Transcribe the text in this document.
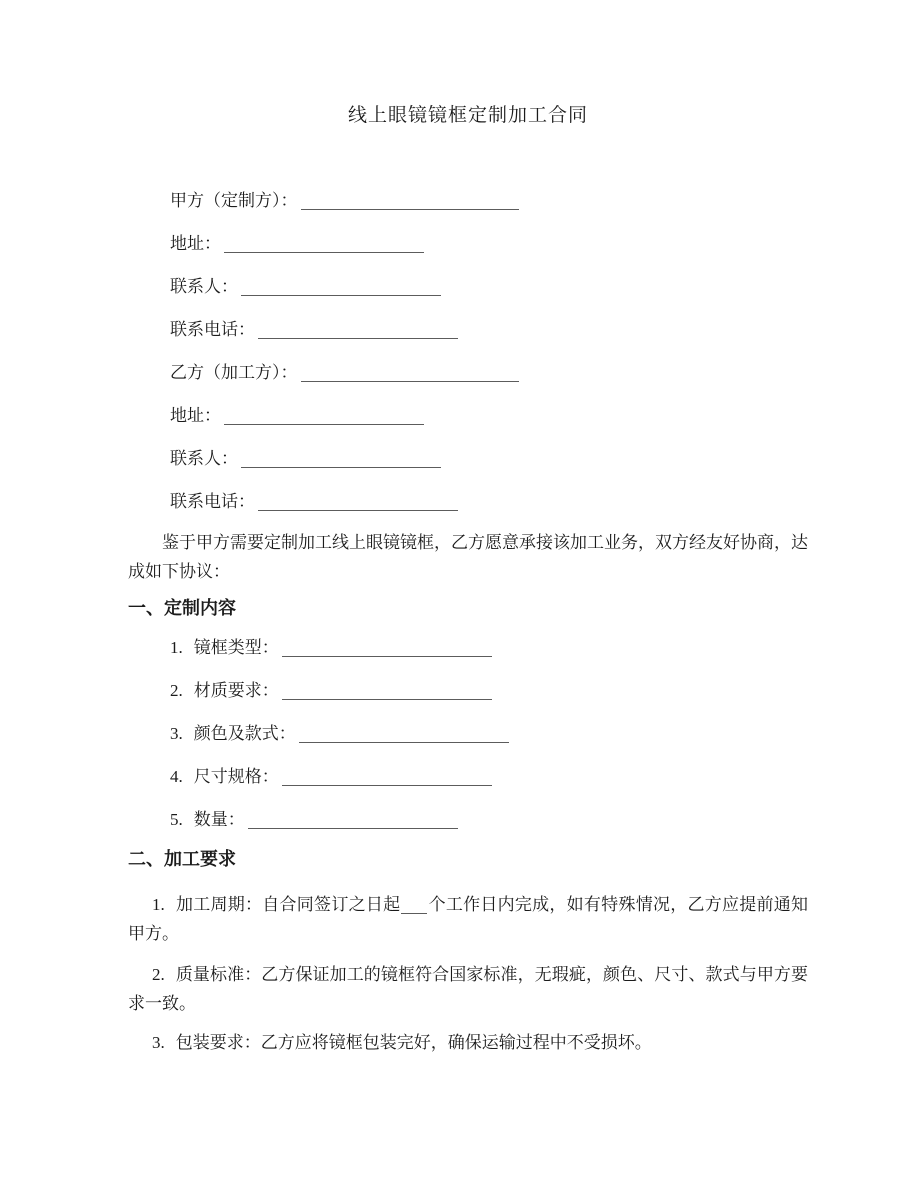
线上眼镜镜框定制加工合同
甲方（定制方）：
地址：
联系人：
联系电话：
乙方（加工方）：
地址：
联系人：
联系电话：

鉴于甲方需要定制加工线上眼镜镜框，乙方愿意承接该加工业务，双方经友好协商，达成如下协议：

一、定制内容
1. 镜框类型：
2. 材质要求：
3. 颜色及款式：
4. 尺寸规格：
5. 数量：
二、加工要求

1. 加工周期：自合同签订之日起 个工作日内完成，如有特殊情况，乙方应提前通知甲方。

2. 质量标准：乙方保证加工的镜框符合国家标准，无瑕疵，颜色、尺寸、款式与甲方要求一致。

3. 包装要求：乙方应将镜框包装完好，确保运输过程中不受损坏。
